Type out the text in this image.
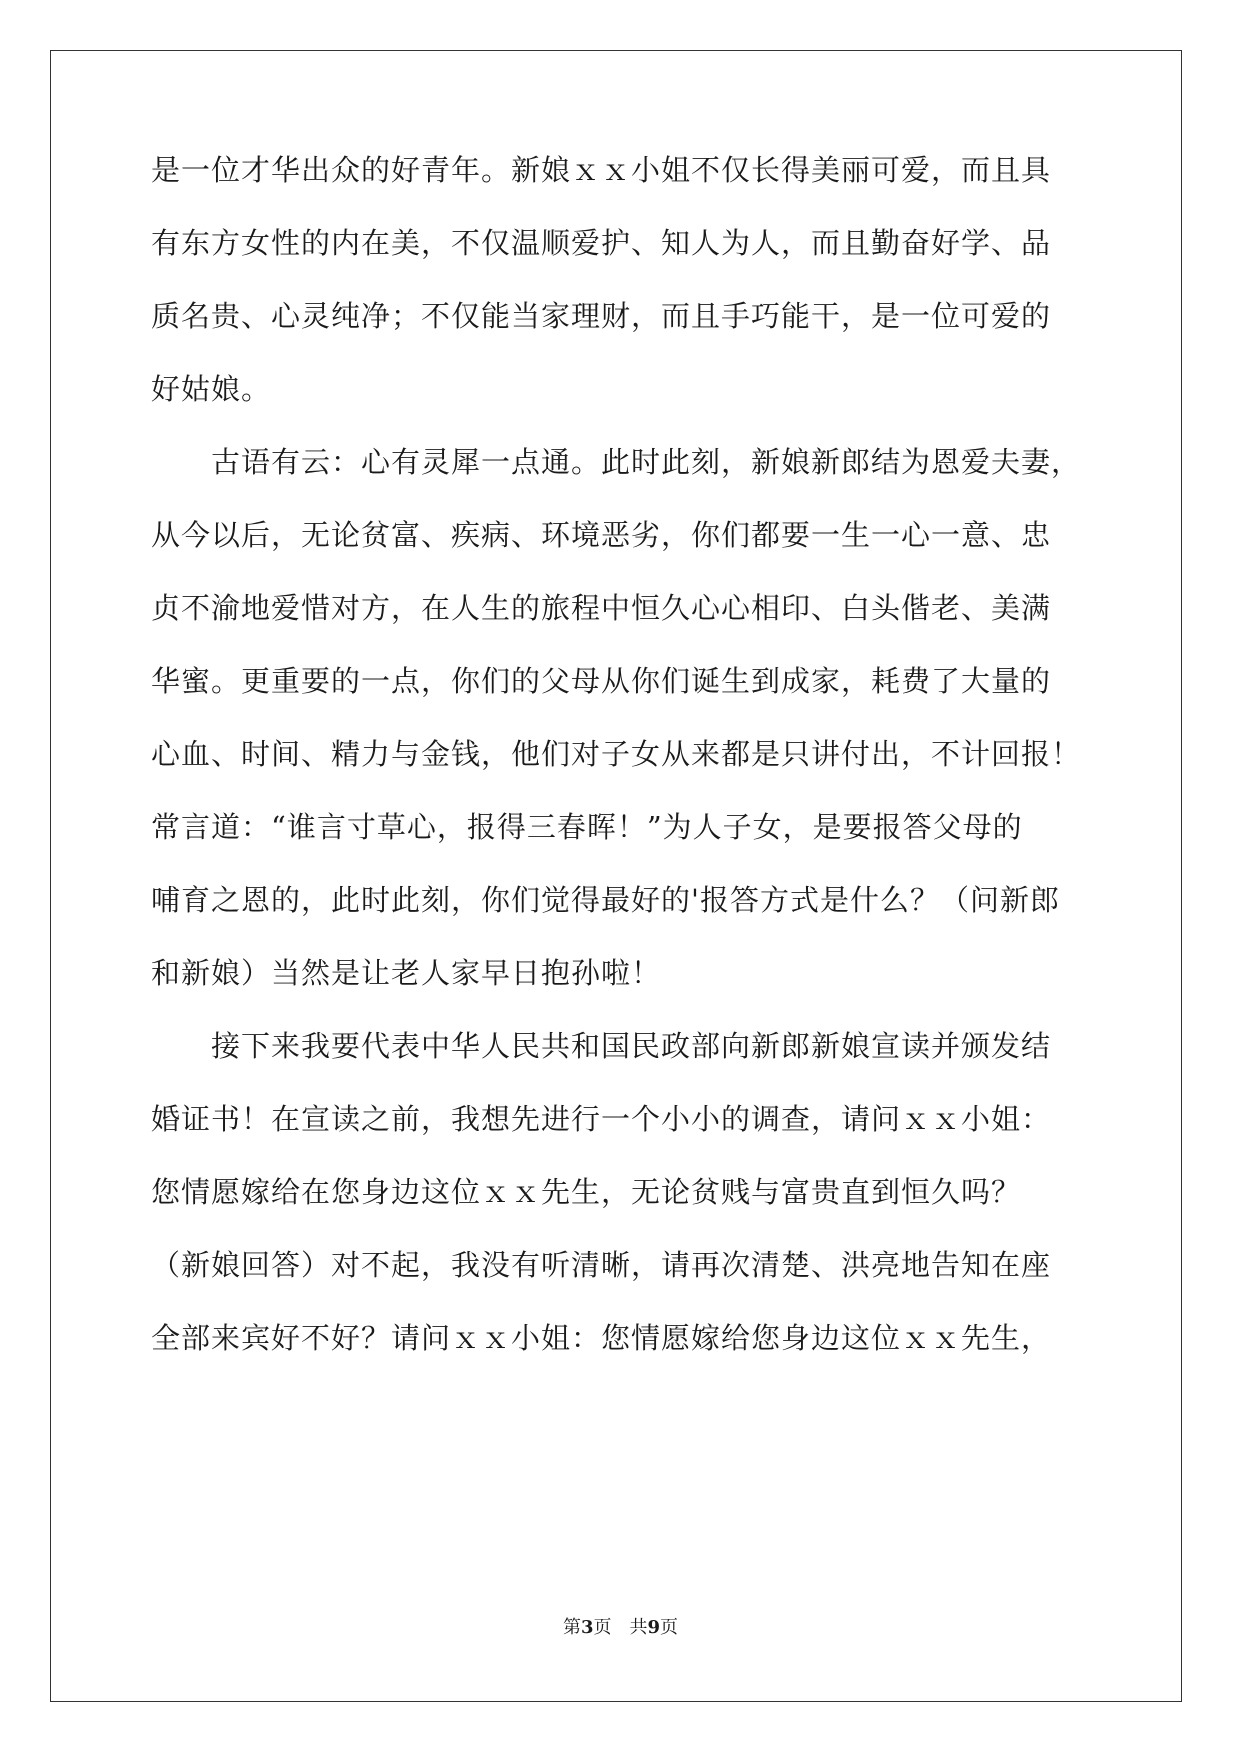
是一位才华出众的好青年。新娘ｘｘ小姐不仅长得美丽可爱，而且具
有东方女性的内在美，不仅温顺爱护、知人为人，而且勤奋好学、品
质名贵、心灵纯净；不仅能当家理财，而且手巧能干，是一位可爱的
好姑娘。
　　古语有云：心有灵犀一点通。此时此刻，新娘新郎结为恩爱夫妻，
从今以后，无论贫富、疾病、环境恶劣，你们都要一生一心一意、忠
贞不渝地爱惜对方，在人生的旅程中恒久心心相印、白头偕老、美满
华蜜。更重要的一点，你们的父母从你们诞生到成家，耗费了大量的
心血、时间、精力与金钱，他们对子女从来都是只讲付出，不计回报！
常言道：“谁言寸草心，报得三春晖！”为人子女，是要报答父母的
哺育之恩的，此时此刻，你们觉得最好的'报答方式是什么？（问新郎
和新娘）当然是让老人家早日抱孙啦！
　　接下来我要代表中华人民共和国民政部向新郎新娘宣读并颁发结
婚证书！在宣读之前，我想先进行一个小小的调查，请问ｘｘ小姐：
您情愿嫁给在您身边这位ｘｘ先生，无论贫贱与富贵直到恒久吗？
（新娘回答）对不起，我没有听清晰，请再次清楚、洪亮地告知在座
全部来宾好不好？请问ｘｘ小姐：您情愿嫁给您身边这位ｘｘ先生，
第3页　共9页
